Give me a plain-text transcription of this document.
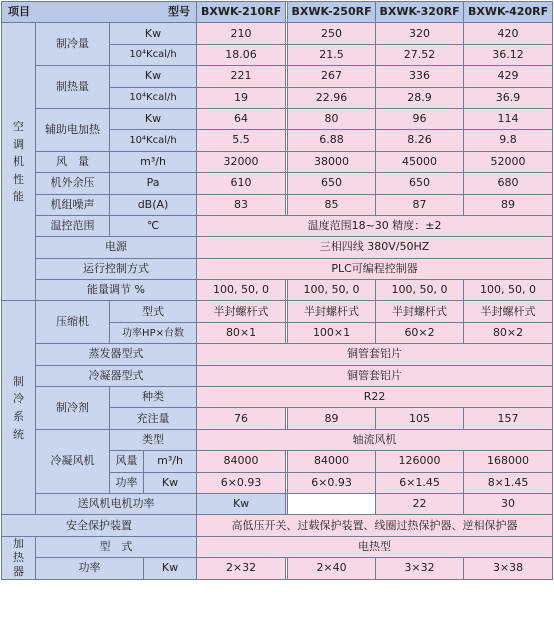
项目 型号				BXWK-210RF		BXWK-250RF	BXWK-320RF	BXWK-420RF	

空调机性能	制冷量	Kw		210		250	320	420	
		10⁴Kcal/h		18.06		21.5	27.52	36.12	
	制热量	Kw		221		267	336	429	
		10⁴Kcal/h		19		22.96	28.9	36.9	
	辅助电加热	Kw		64		80	96	114	
		10⁴Kcal/h		5.5		6.88	8.26	9.8	
	风　量	m³/h		32000		38000	45000	52000	
	机外余压	Pa		610		650	650	680	
	机组噪声	dB(A)		83		85	87	89	
	温控范围	℃		温度范围18~30 精度：±2					
	电源			三相四线 380V/50HZ					
	运行控制方式			PLC可编程控制器					
	能量调节 %			100, 50, 0		100, 50, 0	100, 50, 0	100, 50, 0	

制冷系统	压缩机	型式		半封螺杆式		半封螺杆式	半封螺杆式	半封螺杆式	
		功率HP×台数		80×1		100×1	60×2	80×2	
	蒸发器型式			铜管套铝片					
	冷凝器型式			铜管套铝片					
	制冷剂	种类		R22					
		充注量		76		89	105	157	
	冷凝风机	类型		轴流风机					
		风量	m³/h	84000		84000	126000	168000	
		功率	Kw	6×0.93		6×0.93	6×1.45	8×1.45	
	送风机电机功率			Kw			22	30	
安全保护装置				高低压开关、过载保护装置、线圈过热保护器、逆相保护器					

加热器	型　式			电热型					
	功率		Kw	2×32		2×40	3×32	3×38	
